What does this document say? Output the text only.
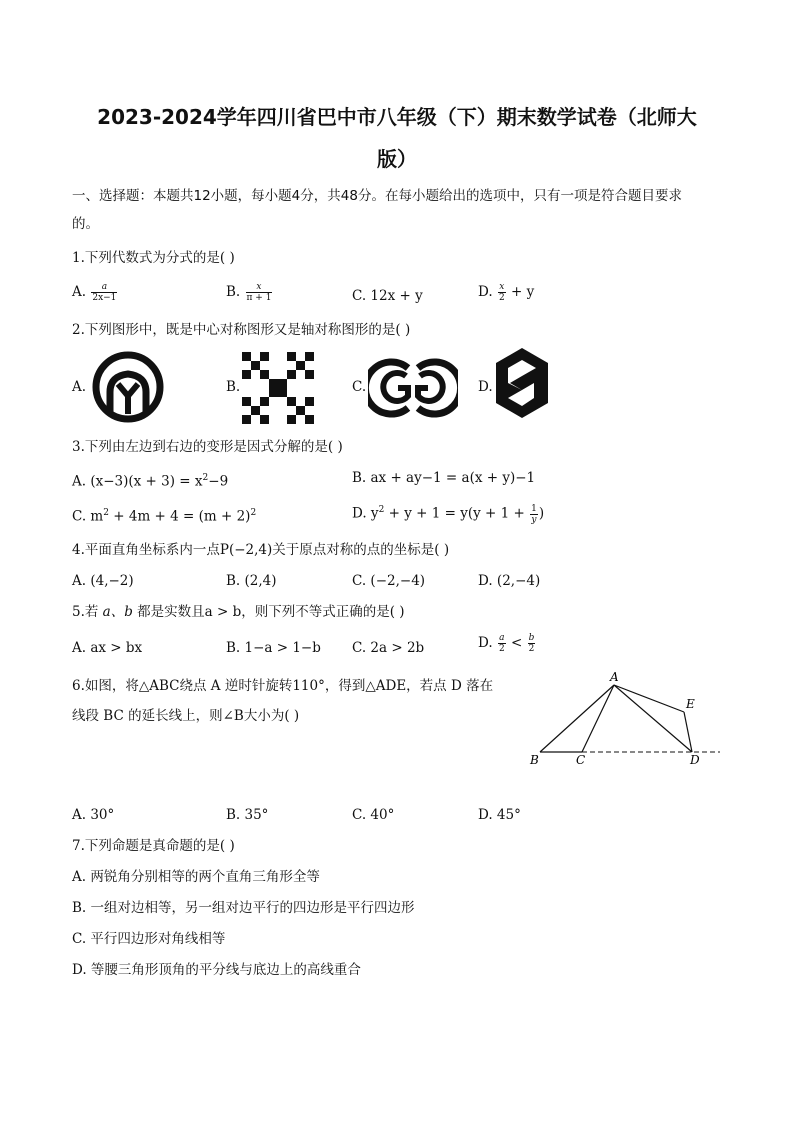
2023-2024学年四川省巴中市八年级（下）期末数学试卷（北师大
版）
一、选择题：本题共12小题，每小题4分，共48分。在每小题给出的选项中，只有一项是符合题目要求
的。
1.下列代数式为分式的是( )
A. $\frac{a}{2x-1}$	B. $\frac{x}{\pi + 1}$	C. 12x + y	D. $\frac{x}{2} + y$
2.下列图形中，既是中心对称图形又是轴对称图形的是( )
A.	B.	C.	D.
3.下列由左边到右边的变形是因式分解的是( )
A. $(x-3)(x + 3) = x^2-9$	B. ax + ay−1 = a(x + y)−1
C. $m^2 + 4m + 4 = (m + 2)^2$	D. $y^2 + y + 1 = y(y + 1 + \frac{1}{y}$ )
4.平面直角坐标系内一点P(−2,4)关于原点对称的点的坐标是( )
A. (4,−2)	B. (2,4)	C. (−2,−4)	D. (2,−4)
5.若 a、b 都是实数且a > b，则下列不等式正确的是( )
A. ax > bx	B. 1−a > 1−b C. 2a > 2b	D. $\frac{a}{2} < \frac{b}{2}$
6.如图，将△ABC绕点 A 逆时针旋转110°，得到△ADE，若点 D 落在
线段 BC 的延长线上，则∠B大小为( )
A
B	C	D
E
A. 30°	B. 35°	C. 40°	D. 45°
7.下列命题是真命题的是( )
A. 两锐角分别相等的两个直角三角形全等
B. 一组对边相等，另一组对边平行的四边形是平行四边形
C. 平行四边形对角线相等
D. 等腰三角形顶角的平分线与底边上的高线重合
